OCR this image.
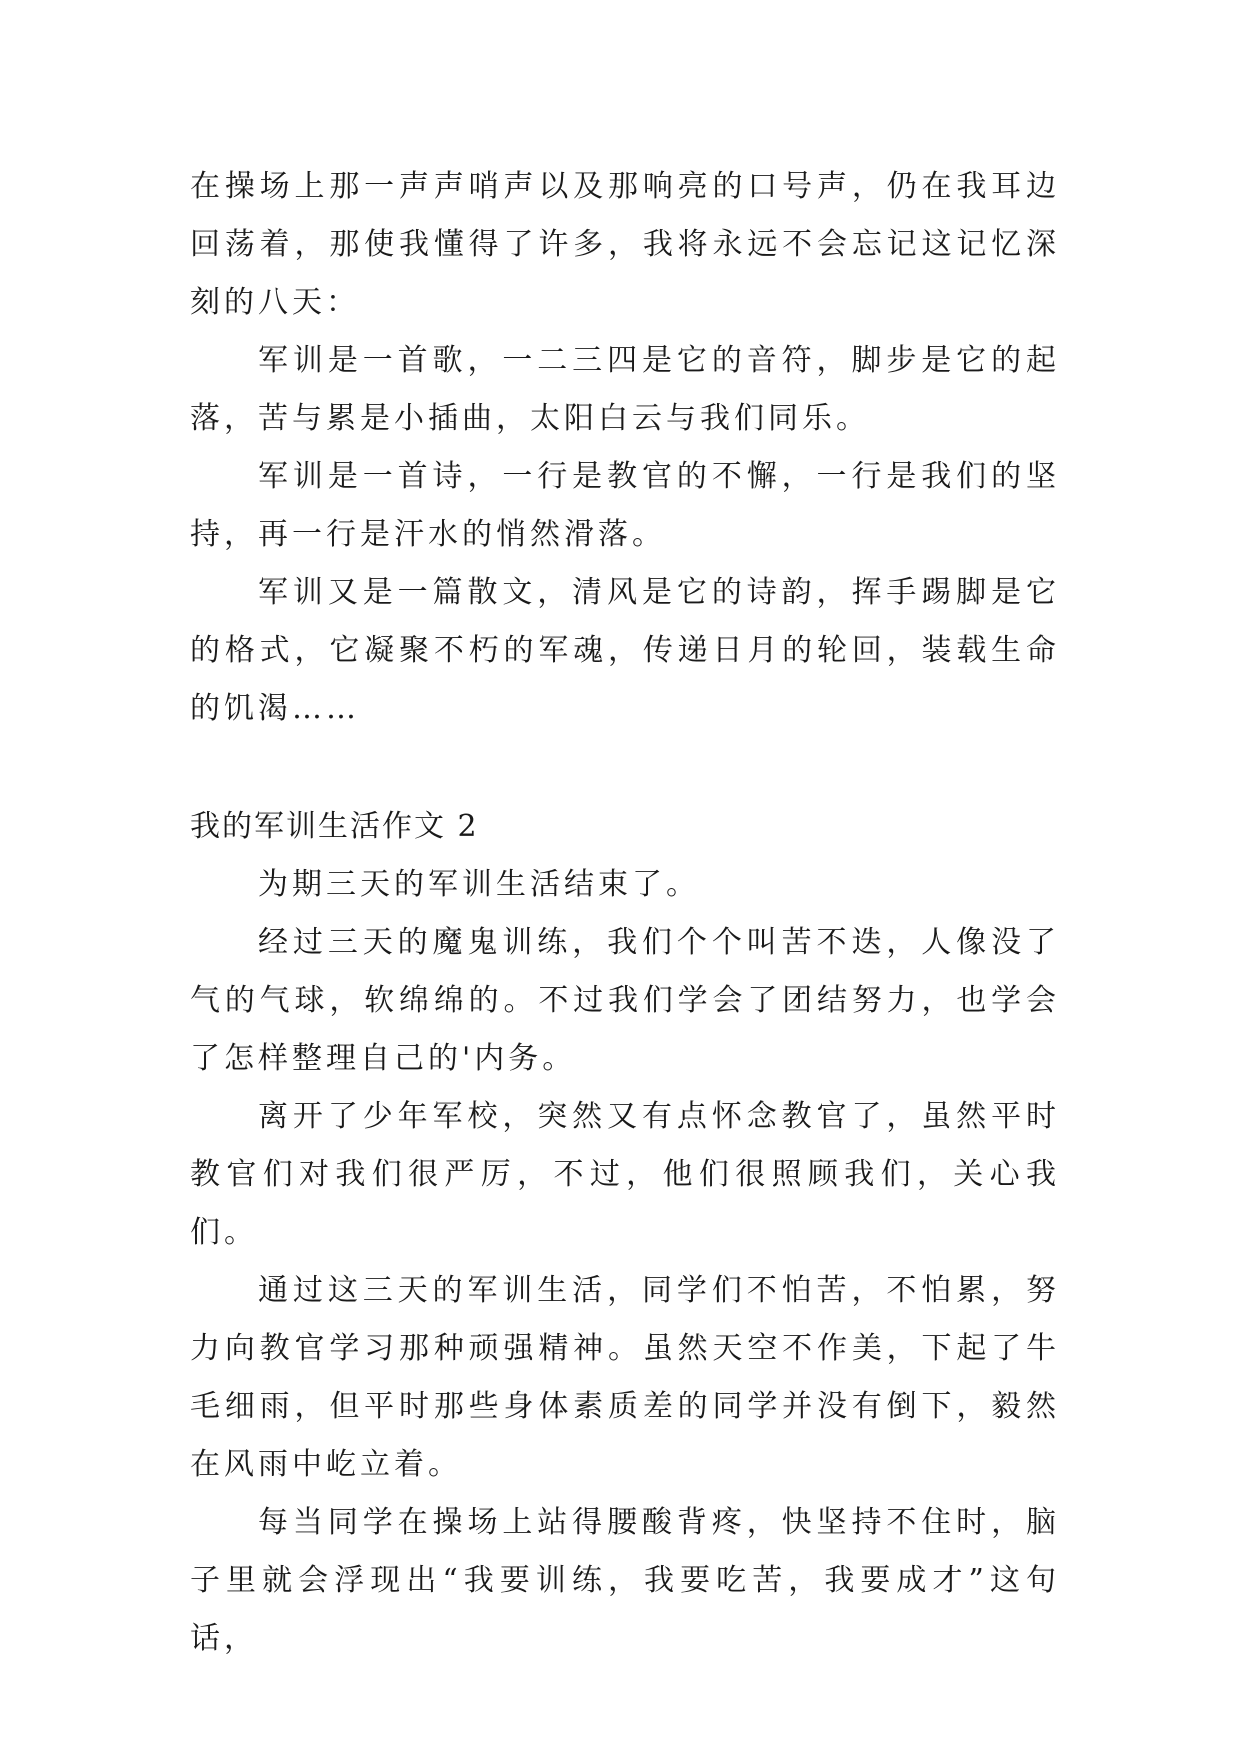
在操场上那一声声哨声以及那响亮的口号声，仍在我耳边回荡着，那使我懂得了许多，我将永远不会忘记这记忆深刻的八天：

军训是一首歌，一二三四是它的音符，脚步是它的起落，苦与累是小插曲，太阳白云与我们同乐。

军训是一首诗，一行是教官的不懈，一行是我们的坚持，再一行是汗水的悄然滑落。

军训又是一篇散文，清风是它的诗韵，挥手踢脚是它的格式，它凝聚不朽的军魂，传递日月的轮回，装载生命的饥渴……

我的军训生活作文 2

为期三天的军训生活结束了。

经过三天的魔鬼训练，我们个个叫苦不迭，人像没了气的气球，软绵绵的。不过我们学会了团结努力，也学会了怎样整理自己的'内务。

离开了少年军校，突然又有点怀念教官了，虽然平时教官们对我们很严厉，不过，他们很照顾我们，关心我们。

通过这三天的军训生活，同学们不怕苦，不怕累，努力向教官学习那种顽强精神。虽然天空不作美，下起了牛毛细雨，但平时那些身体素质差的同学并没有倒下，毅然在风雨中屹立着。

每当同学在操场上站得腰酸背疼，快坚持不住时，脑子里就会浮现出“我要训练，我要吃苦，我要成才”这句话，
